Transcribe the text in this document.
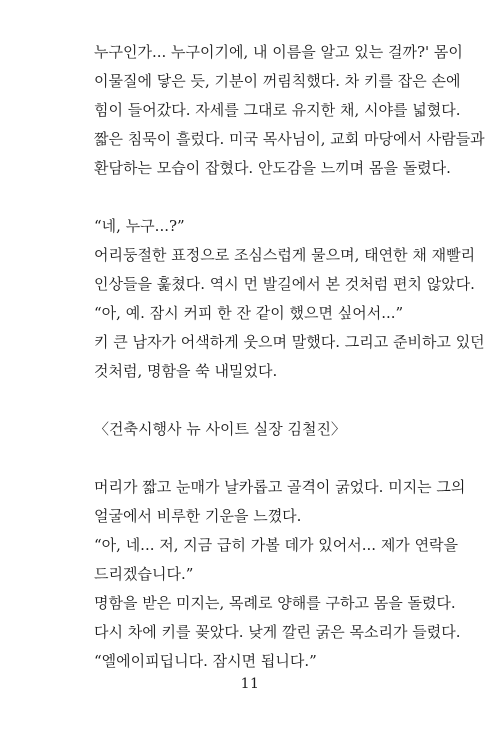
누구인가... 누구이기에, 내 이름을 알고 있는 걸까?' 몸이
이물질에 닿은 듯, 기분이 꺼림칙했다. 차 키를 잡은 손에
힘이 들어갔다. 자세를 그대로 유지한 채, 시야를 넓혔다.
짧은 침묵이 흘렀다. 미국 목사님이, 교회 마당에서 사람들과
환담하는 모습이 잡혔다. 안도감을 느끼며 몸을 돌렸다.
“네, 누구...?”
어리둥절한 표정으로 조심스럽게 물으며, 태연한 채 재빨리
인상들을 훑쳤다. 역시 먼 발길에서 본 것처럼 편치 않았다.
“아, 예. 잠시 커피 한 잔 같이 했으면 싶어서...”
키 큰 남자가 어색하게 웃으며 말했다. 그리고 준비하고 있던
것처럼, 명함을 쑥 내밀었다.
〈건축시행사 뉴 사이트 실장 김철진〉
머리가 짧고 눈매가 날카롭고 골격이 굵었다. 미지는 그의
얼굴에서 비루한 기운을 느꼈다.
“아, 네... 저, 지금 급히 가볼 데가 있어서... 제가 연락을
드리겠습니다.”
명함을 받은 미지는, 목례로 양해를 구하고 몸을 돌렸다.
다시 차에 키를 꽂았다. 낮게 깔린 굵은 목소리가 들렸다.
“엘에이피딥니다. 잠시면 됩니다.”
11
